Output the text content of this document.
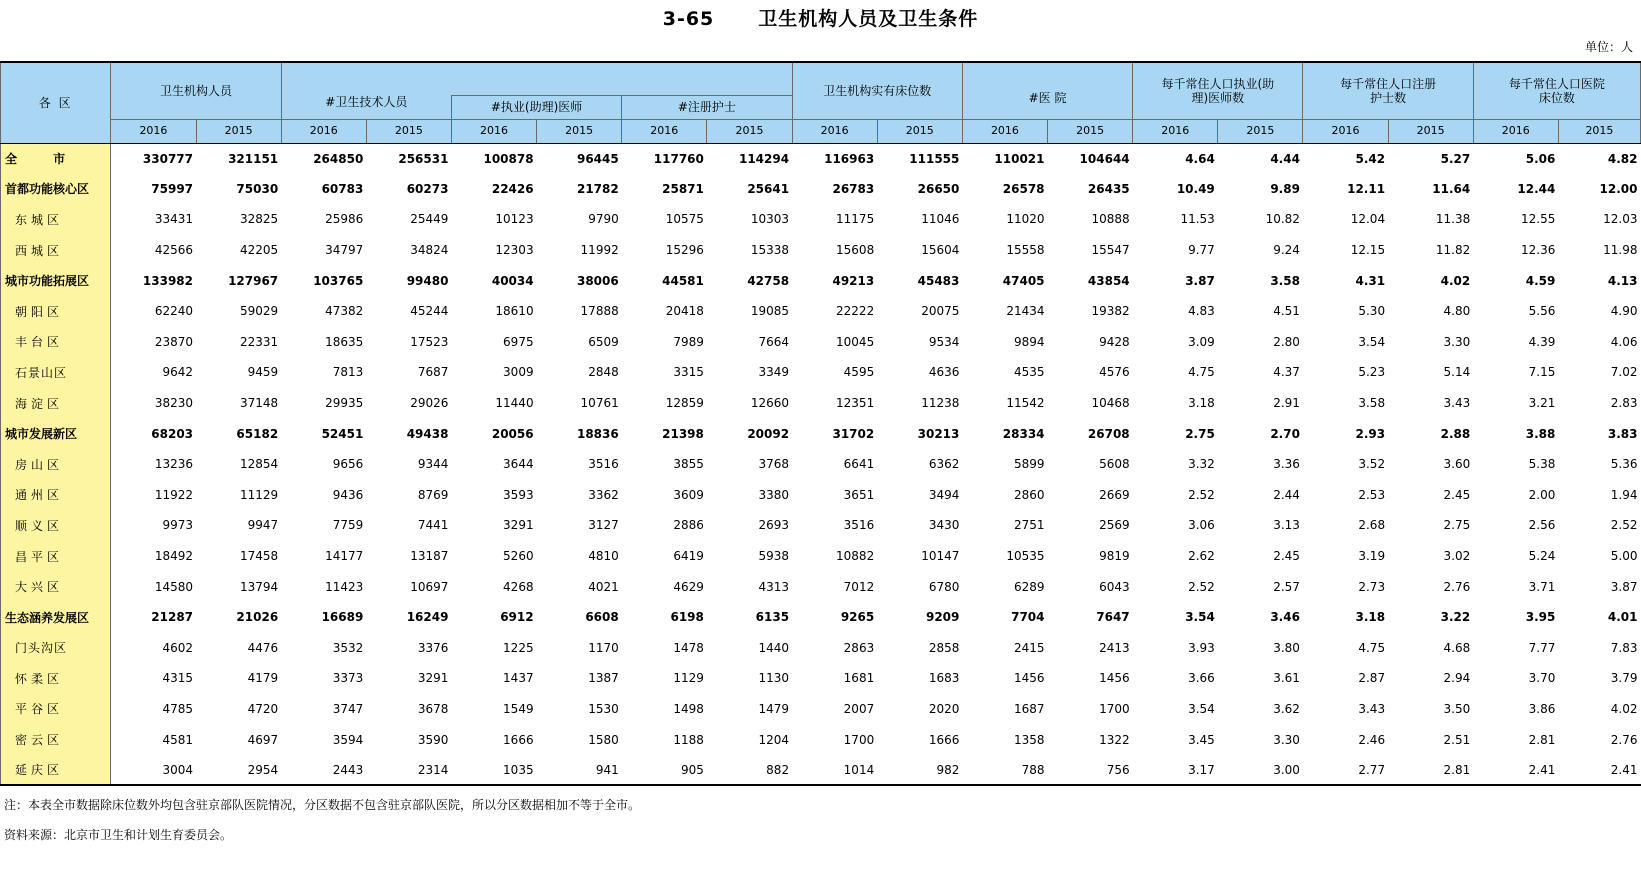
3-65 卫生机构人员及卫生条件
单位：人
各 区	卫生机构人员								卫生机构实有床位数		#医 院		每千常住人口执业(助理)医师数		每千常住人口注册护士数		每千常住人口医院床位数	
			#卫生技术人员		#执业(助理)医师		#注册护士											
	2016	2015	2016	2015	2016	2015	2016	2015	2016	2015	2016	2015	2016	2015	2016	2015	2016	2015
全 市	330777	321151	264850	256531	100878	96445	117760	114294	116963	111555	110021	104644	4.64	4.44	5.42	5.27	5.06	4.82
首都功能核心区	75997	75030	60783	60273	22426	21782	25871	25641	26783	26650	26578	26435	10.49	9.89	12.11	11.64	12.44	12.00
东城区	33431	32825	25986	25449	10123	9790	10575	10303	11175	11046	11020	10888	11.53	10.82	12.04	11.38	12.55	12.03
西城区	42566	42205	34797	34824	12303	11992	15296	15338	15608	15604	15558	15547	9.77	9.24	12.15	11.82	12.36	11.98
城市功能拓展区	133982	127967	103765	99480	40034	38006	44581	42758	49213	45483	47405	43854	3.87	3.58	4.31	4.02	4.59	4.13
朝阳区	62240	59029	47382	45244	18610	17888	20418	19085	22222	20075	21434	19382	4.83	4.51	5.30	4.80	5.56	4.90
丰台区	23870	22331	18635	17523	6975	6509	7989	7664	10045	9534	9894	9428	3.09	2.80	3.54	3.30	4.39	4.06
石景山区	9642	9459	7813	7687	3009	2848	3315	3349	4595	4636	4535	4576	4.75	4.37	5.23	5.14	7.15	7.02
海淀区	38230	37148	29935	29026	11440	10761	12859	12660	12351	11238	11542	10468	3.18	2.91	3.58	3.43	3.21	2.83
城市发展新区	68203	65182	52451	49438	20056	18836	21398	20092	31702	30213	28334	26708	2.75	2.70	2.93	2.88	3.88	3.83
房山区	13236	12854	9656	9344	3644	3516	3855	3768	6641	6362	5899	5608	3.32	3.36	3.52	3.60	5.38	5.36
通州区	11922	11129	9436	8769	3593	3362	3609	3380	3651	3494	2860	2669	2.52	2.44	2.53	2.45	2.00	1.94
顺义区	9973	9947	7759	7441	3291	3127	2886	2693	3516	3430	2751	2569	3.06	3.13	2.68	2.75	2.56	2.52
昌平区	18492	17458	14177	13187	5260	4810	6419	5938	10882	10147	10535	9819	2.62	2.45	3.19	3.02	5.24	5.00
大兴区	14580	13794	11423	10697	4268	4021	4629	4313	7012	6780	6289	6043	2.52	2.57	2.73	2.76	3.71	3.87
生态涵养发展区	21287	21026	16689	16249	6912	6608	6198	6135	9265	9209	7704	7647	3.54	3.46	3.18	3.22	3.95	4.01
门头沟区	4602	4476	3532	3376	1225	1170	1478	1440	2863	2858	2415	2413	3.93	3.80	4.75	4.68	7.77	7.83
怀柔区	4315	4179	3373	3291	1437	1387	1129	1130	1681	1683	1456	1456	3.66	3.61	2.87	2.94	3.70	3.79
平谷区	4785	4720	3747	3678	1549	1530	1498	1479	2007	2020	1687	1700	3.54	3.62	3.43	3.50	3.86	4.02
密云区	4581	4697	3594	3590	1666	1580	1188	1204	1700	1666	1358	1322	3.45	3.30	2.46	2.51	2.81	2.76
延庆区	3004	2954	2443	2314	1035	941	905	882	1014	982	788	756	3.17	3.00	2.77	2.81	2.41	2.41
注：本表全市数据除床位数外均包含驻京部队医院情况，分区数据不包含驻京部队医院，所以分区数据相加不等于全市。
资料来源：北京市卫生和计划生育委员会。
